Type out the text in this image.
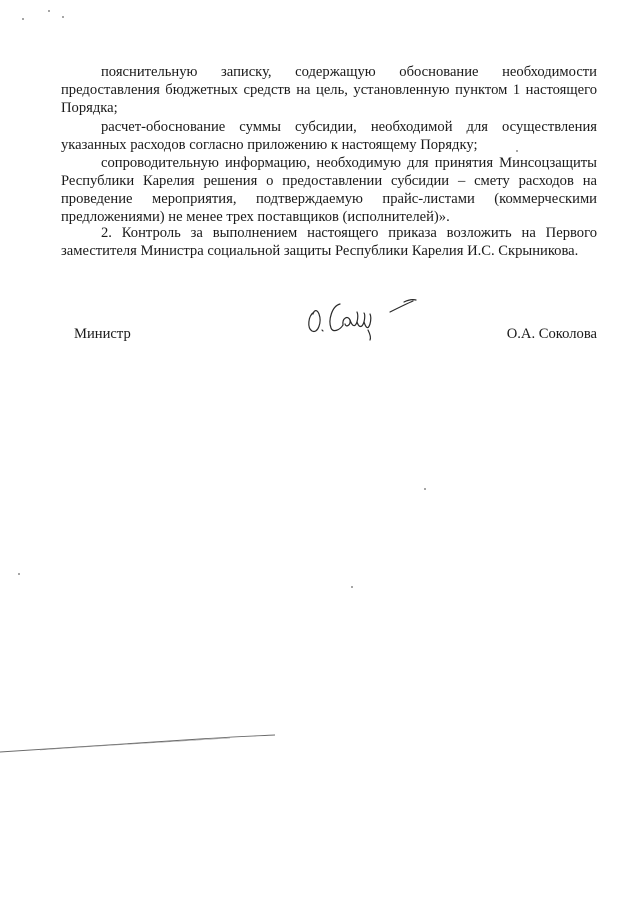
пояснительную записку, содержащую обоснование необходимости предоставления бюджетных средств на цель, установленную пунктом 1 настоящего Порядка;

расчет-обоснование суммы субсидии, необходимой для осуществления указанных расходов согласно приложению к настоящему Порядку;

сопроводительную информацию, необходимую для принятия Минсоцзащиты Республики Карелия решения о предоставлении субсидии – смету расходов на проведение мероприятия, подтверждаемую прайс-листами (коммерческими предложениями) не менее трех поставщиков (исполнителей)».

2. Контроль за выполнением настоящего приказа возложить на Первого заместителя Министра социальной защиты Республики Карелия И.С. Скрыникова.

Министр	О.А. Соколова
